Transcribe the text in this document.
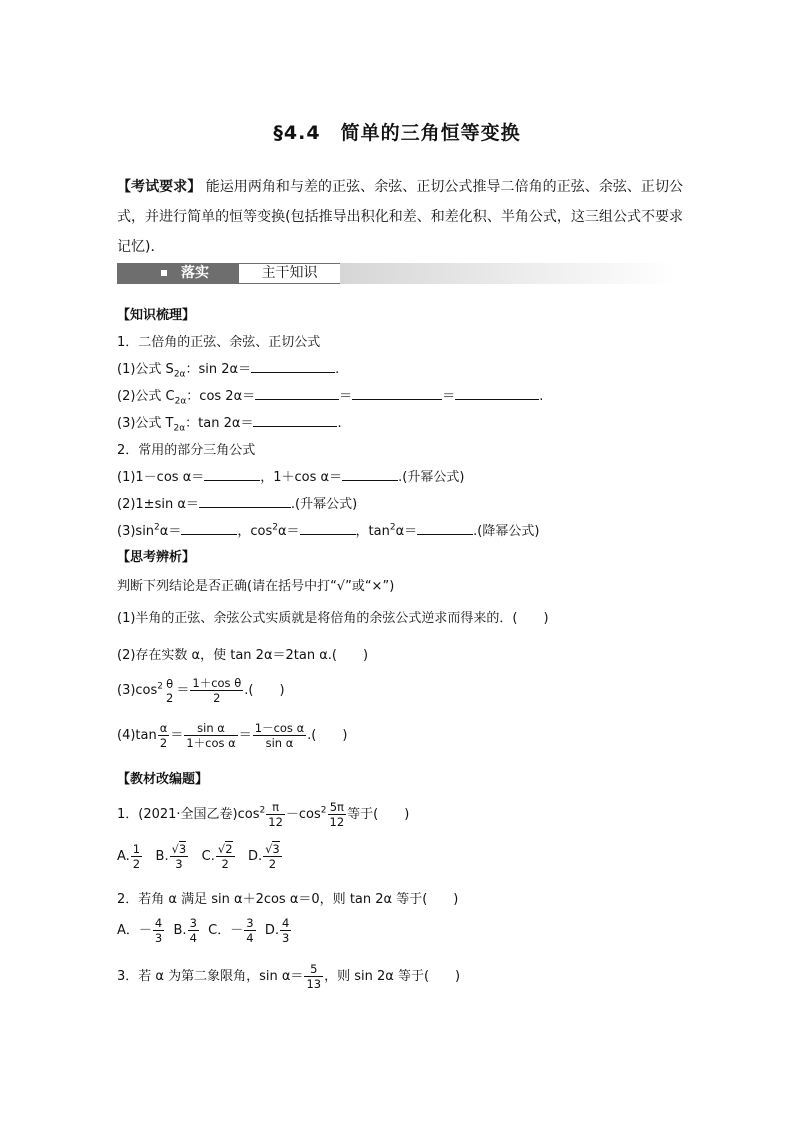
§4.4　简单的三角恒等变换
【考试要求】 能运用两角和与差的正弦、余弦、正切公式推导二倍角的正弦、余弦、正切公式，并进行简单的恒等变换(包括推导出积化和差、和差化积、半角公式，这三组公式不要求记忆)．
落实	主干知识
【知识梳理】
1．二倍角的正弦、余弦、正切公式
(1)公式 $S_{2\alpha}$：sin 2α＝	.
(2)公式 $C_{2\alpha}$：cos 2α＝	＝	＝	.
(3)公式 $T_{2\alpha}$：tan 2α＝	.
2．常用的部分三角公式
(1)1－cos α＝	，1＋cos α＝	.(升幂公式)
(2)1±sin α＝	.(升幂公式)
$(3)\sin^2\alpha=$	，$\cos^2\alpha=$	，$\tan^2\alpha=$	.(降幂公式)
【思考辨析】
判断下列结论是否正确(请在括号中打“√”或“×”)
(1)半角的正弦、余弦公式实质就是将倍角的余弦公式逆求而得来的．(　　)
(2)存在实数 α，使 tan 2α＝2tan α.(　　)
$(3)\cos^2$ θ
$2 = \frac{\text{1＋cos θ}}{2}$ .(　　)
$(4)\tan \frac{\alpha}{2} = \frac{\text{sin α}}{\text{1＋cos α}} = \frac{\text{1－cos α}}{\text{sin α}}$ .(　　)
【教材改编题】
1．(2021·全国乙卷)$\cos^2 \frac{\pi}{12} -\cos^2 \frac{5\pi}{12}$ 等于(　　)
A. $\frac{1}{2} B$. $\frac{√3}{3} C$. $\frac{√2}{2} D$. $\frac{√3}{2}$
2．若角 α 满足 sin α＋2cos α＝0，则 tan 2α 等于(　　)
A．－ $\frac{4}{3} B$. $\frac{3}{4}$ C．－ $\frac{3}{4} D$. $\frac{4}{3}$
3．若 α 为第二象限角，$\sin \alpha= \frac{5}{13}$ ，则 sin 2α 等于(　　)
